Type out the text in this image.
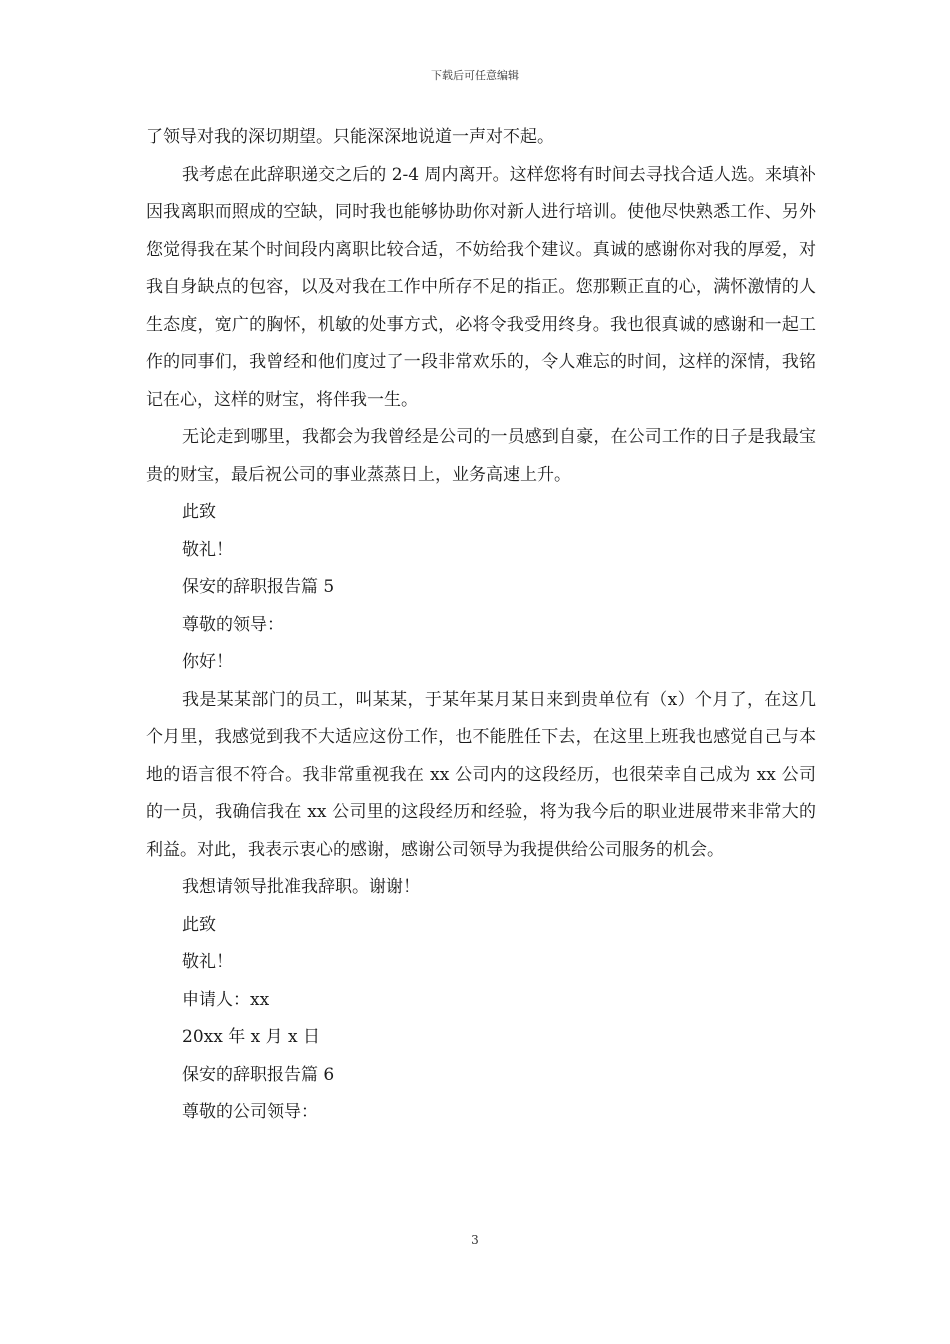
下载后可任意编辑

了领导对我的深切期望。只能深深地说道一声对不起。

我考虑在此辞职递交之后的 2-4 周内离开。这样您将有时间去寻找合适人选。来填补因我离职而照成的空缺，同时我也能够协助你对新人进行培训。使他尽快熟悉工作、另外您觉得我在某个时间段内离职比较合适，不妨给我个建议。真诚的感谢你对我的厚爱，对我自身缺点的包容，以及对我在工作中所存不足的指正。您那颗正直的心，满怀激情的人生态度，宽广的胸怀，机敏的处事方式，必将令我受用终身。我也很真诚的感谢和一起工作的同事们，我曾经和他们度过了一段非常欢乐的，令人难忘的时间，这样的深情，我铭记在心，这样的财宝，将伴我一生。

无论走到哪里，我都会为我曾经是公司的一员感到自豪，在公司工作的日子是我最宝贵的财宝，最后祝公司的事业蒸蒸日上，业务高速上升。

此致

敬礼！

保安的辞职报告篇 5

尊敬的领导：

你好！

我是某某部门的员工，叫某某，于某年某月某日来到贵单位有（x）个月了，在这几个月里，我感觉到我不大适应这份工作，也不能胜任下去，在这里上班我也感觉自己与本地的语言很不符合。我非常重视我在 xx 公司内的这段经历，也很荣幸自己成为 xx 公司的一员，我确信我在 xx 公司里的这段经历和经验，将为我今后的职业进展带来非常大的利益。对此，我表示衷心的感谢，感谢公司领导为我提供给公司服务的机会。

我想请领导批准我辞职。谢谢！

此致

敬礼！

申请人：xx

20xx 年 x 月 x 日

保安的辞职报告篇 6

尊敬的公司领导：

3
